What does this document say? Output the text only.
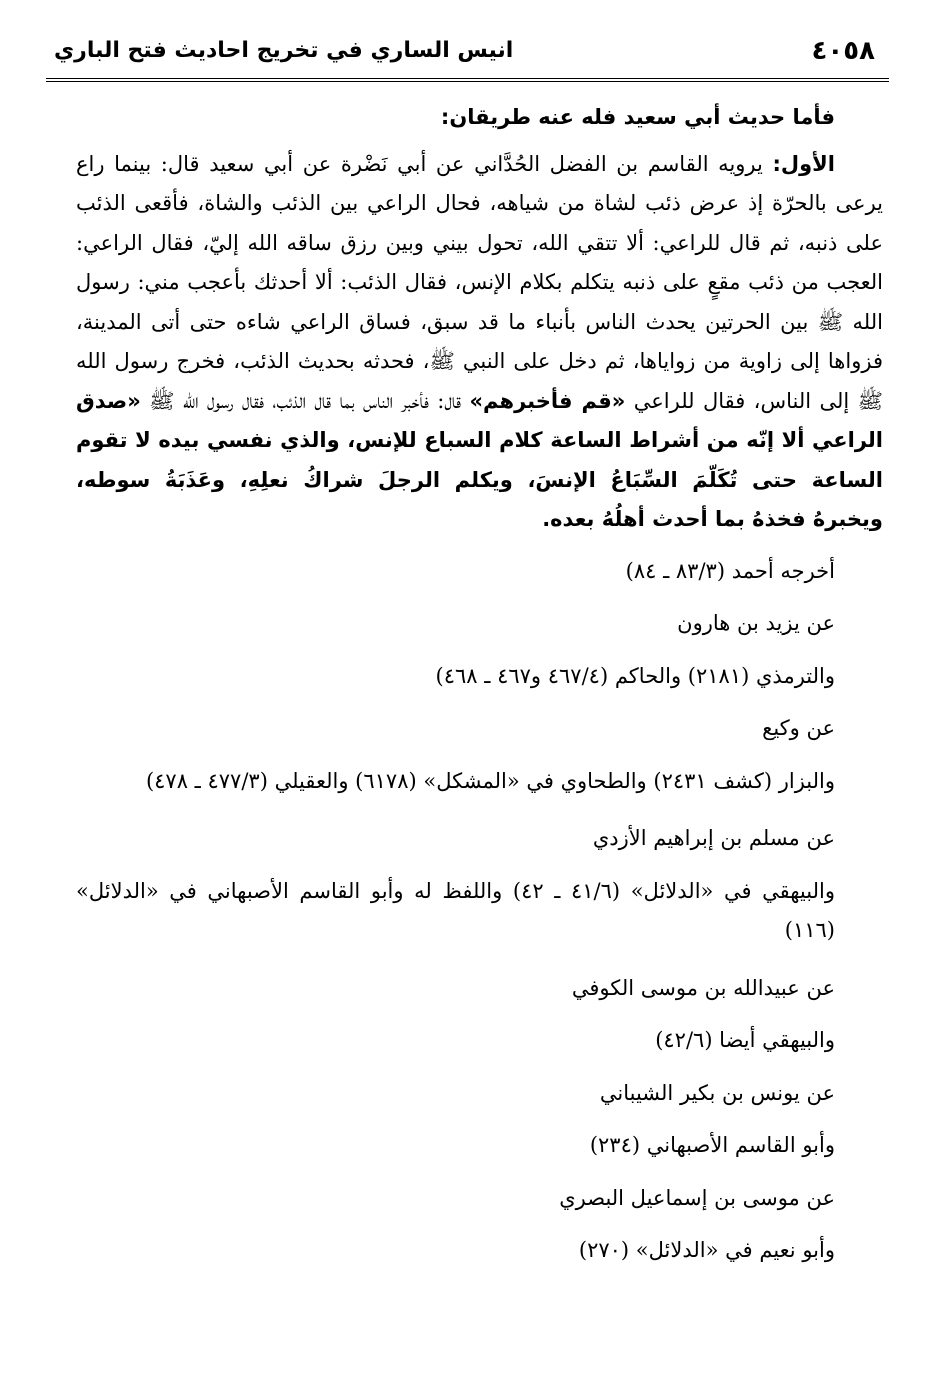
٤٠٥٨
انيس الساري في تخريج احاديث فتح الباري
فأما حديث أبي سعيد فله عنه طريقان:

الأول: يرويه القاسم بن الفضل الحُدَّاني عن أبي نَضْرة عن أبي سعيد قال: بينما راع يرعى بالحرّة إذ عرض ذئب لشاة من شياهه، فحال الراعي بين الذئب والشاة، فأقعى الذئب على ذنبه، ثم قال للراعي: ألا تتقي الله، تحول بيني وبين رزق ساقه الله إليّ، فقال الراعي: العجب من ذئب مقعٍ على ذنبه يتكلم بكلام الإنس، فقال الذئب: ألا أحدثك بأعجب مني: رسول الله ﷺ بين الحرتين يحدث الناس بأنباء ما قد سبق، فساق الراعي شاءه حتى أتى المدينة، فزواها إلى زاوية من زواياها، ثم دخل على النبي ﷺ، فحدثه بحديث الذئب، فخرج رسول الله ﷺ إلى الناس، فقال للراعي «قم فأخبرهم» قال: فأخبر الناس بما قال الذئب، فقال رسول الله ﷺ «صدق الراعي ألا إنّه من أشراط الساعة كلام السباع للإنس، والذي نفسي بيده لا تقوم الساعة حتى تُكَلّمَ السِّبَاعُ الإنسَ، ويكلم الرجلَ شراكُ نعلِهِ، وعَذَبَةُ سوطه، ويخبرهُ فخذهُ بما أحدث أهلُهُ بعده.

أخرجه أحمد (٨٣/٣ ـ ٨٤)
عن يزيد بن هارون
والترمذي (٢١٨١) والحاكم (٤٦٧/٤ و٤٦٧ ـ ٤٦٨)
عن وكيع
والبزار (كشف ٢٤٣١) والطحاوي في «المشكل» (٦١٧٨) والعقيلي (٤٧٧/٣ ـ ٤٧٨)
عن مسلم بن إبراهيم الأزدي
والبيهقي في «الدلائل» (٤١/٦ ـ ٤٢) واللفظ له وأبو القاسم الأصبهاني في «الدلائل» (١١٦)
عن عبيدالله بن موسى الكوفي
والبيهقي أيضا (٤٢/٦)
عن يونس بن بكير الشيباني
وأبو القاسم الأصبهاني (٢٣٤)
عن موسى بن إسماعيل البصري
وأبو نعيم في «الدلائل» (٢٧٠)
